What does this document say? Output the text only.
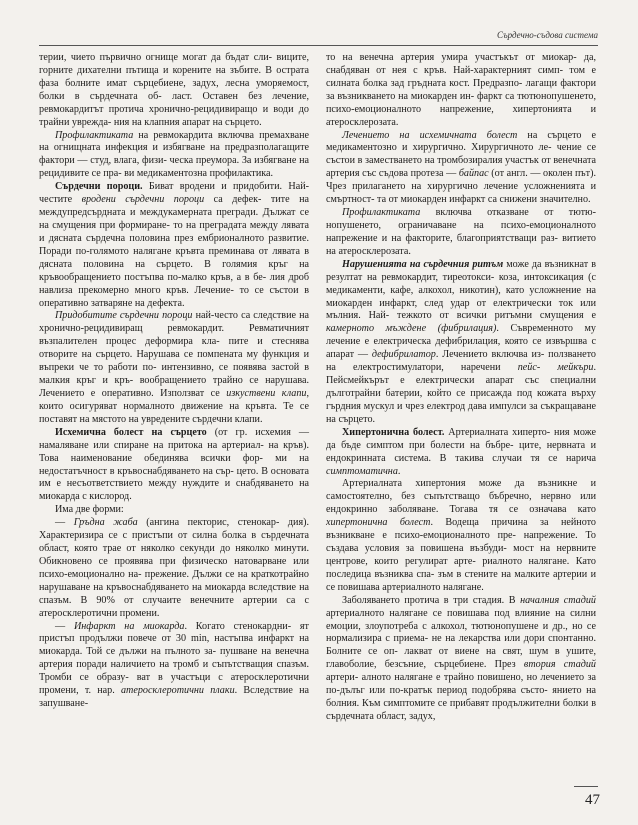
Сърдечно-съдова система

терии, чието първично огнище могат да бъдат сли- виците, горните дихателни пътища и корените на зъбите. В острата фаза болните имат сърцебиене, задух, лесна уморяемост, болки в сърдечната об- ласт. Оставен без лечение, ревмокардитът протича хронично-рецидивиращо и води до трайни увреждa- ния на клапния апарат на сърцето.

Профилактиката на ревмокардита включва премахване на огнищната инфекция и избягване на предразполагащите фактори — студ, влага, физи- ческа преумора. За избягване на рецидивите се пра- ви медикаментозна профилактика.

Сърдечни пороци. Биват вродени и придобити. Най-честите вродени сърдечни пороци са дефек- тите на междупредсърдната и междукамерната прегради. Дължат се на смущения при формиране- то на преградата между лявата и дясната сърдечна половина през ембрионалното развитие. Поради по-голямото налягане кръвта преминава от лявата в дясната половина на сърцето. В голямия кръг на кръвообращението постъпва по-малко кръв, а в бе- лия дроб навлиза прекомерно много кръв. Лечение- то се състои в оперативно затваряне на дефекта.

Придобитите сърдечни пороци най-често са следствие на хронично-рецидивиращ ревмокардит. Ревматичният възпалителен процес деформира кла- пите и стеснява отворите на сърцето. Нарушава се помпената му функция и въпреки че то работи по- интензивно, се появява застой в малкия кръг и кръ- вообращението трайно се нарушава. Лечението е оперативно. Използват се изкуствени клапи, които осигуряват нормалното движение на кръвта. Те се поставят на мястото на увредените сърдечни клапи.

Исхемична болест на сърцето (от гр. исхемия — намаляване или спиране на притока на артериал- на кръв). Това наименование обединява всички фор- ми на недостатъчност в кръвоснабдяването на сър- цето. В основата им е несъответствието между нуждите и снабдяването на миокарда с кислород.

Има две форми:

— Гръдна жаба (ангина пекторис, стенокар- дия). Характеризира се с пристъпи от силна болка в сърдечната област, която трае от няколко секунди до няколко минути. Обикновено се проявява при физическо натоварване или психо-емоционално на- прежение. Дължи се на краткотрайно нарушаване на кръвоснабдяването на миокарда вследствие на спазъм. В 90% от случаите венечните артерии са с атеросклеротични промени.

— Инфаркт на миокарда. Когато стенокардни- ят пристъп продължи повече от 30 min, настъпва инфаркт на миокарда. Той се дължи на пълното за- пушване на венечна артерия поради наличието на тромб и съпътстващия спазъм. Тромби се образу- ват в участъци с атеросклеротични промени, т. нар. атеросклеротични плаки. Вследствие на запушване-

то на венечна артерия умира участъкът от миокар- да, снабдяван от нея с кръв. Най-характерният симп- том е силната болка зад гръдната кост. Предразпо- лагащи фактори за възникването на миокарден ин- фаркт са тютюнопушенето, психо-емоционалното напрежение, хипертонията и атеросклерозата.

Лечението на исхемичната болест на сърцето е медикаментозно и хирургично. Хирургичното ле- чение се състои в заместването на тромбозиралия участък от венечната артерия със съдова протеза — байпас (от англ. — околен път). Чрез прилагането на хирургично лечение усложненията и смъртност- та от миокарден инфаркт са снижени значително.

Профилактиката включва отказване от тютю- нопушенето, ограничаване на психо-емоционалното напрежение и на факторите, благоприятстващи раз- витието на атеросклерозата.

Нарушенията на сърдечния ритъм може да възникнат в резултат на ревмокардит, тиреотокси- коза, интоксикация (с медикаменти, кафе, алкохол, никотин), като усложнение на миокарден инфаркт, след удар от електрически ток или мълния. Най- тежкото от всички ритъмни смущения е камерното мъждене (фибрилация). Съвременното му лечение е електрическа дефибрилация, която се извършва с апарат — дефибрилатор. Лечението включва из- ползването на електростимулатори, наречени пейс- мейкъри. Пейсмейкърът е електрически апарат със специални дълготрайни батерии, който се присажда под кожата върху гърдния мускул и чрез електрод дава импулси за съкращаване на сърцето.

Хипертонична болест. Артериалната хиперто- ния може да бъде симптом при болести на бъбре- ците, нервната и ендокринната система. В такива случаи тя се нарича симптоматична.

Артериалната хипертония може да възникне и самостоятелно, без съпътстващо бъбречно, нервно или ендокринно заболяване. Тогава тя се означава като хипертонична болест. Водеща причина за нейното възникване е психо-емоционалното пре- напрежение. То създава условия за повишена възбуди- мост на нервните центрове, които регулират арте- риалното налягане. Като последица възниква спа- зъм в стените на малките артерии и се повишава артериалното налягане.

Заболяването протича в три стадия. В началния стадий артериалното налягане се повишава под влияние на силни емоции, злоупотреба с алкохол, тютюнопушене и др., но се нормализира с приема- не на лекарства или дори спонтанно. Болните се оп- лакват от виене на свят, шум в ушите, главоболие, безсъние, сърцебиене. През втория стадий артери- алното налягане е трайно повишено, но лечението за по-дълъг или по-кратък период подобрява състо- янието на болния. Към симптомите се прибавят продължителни болки в сърдечната област, задух,

47
